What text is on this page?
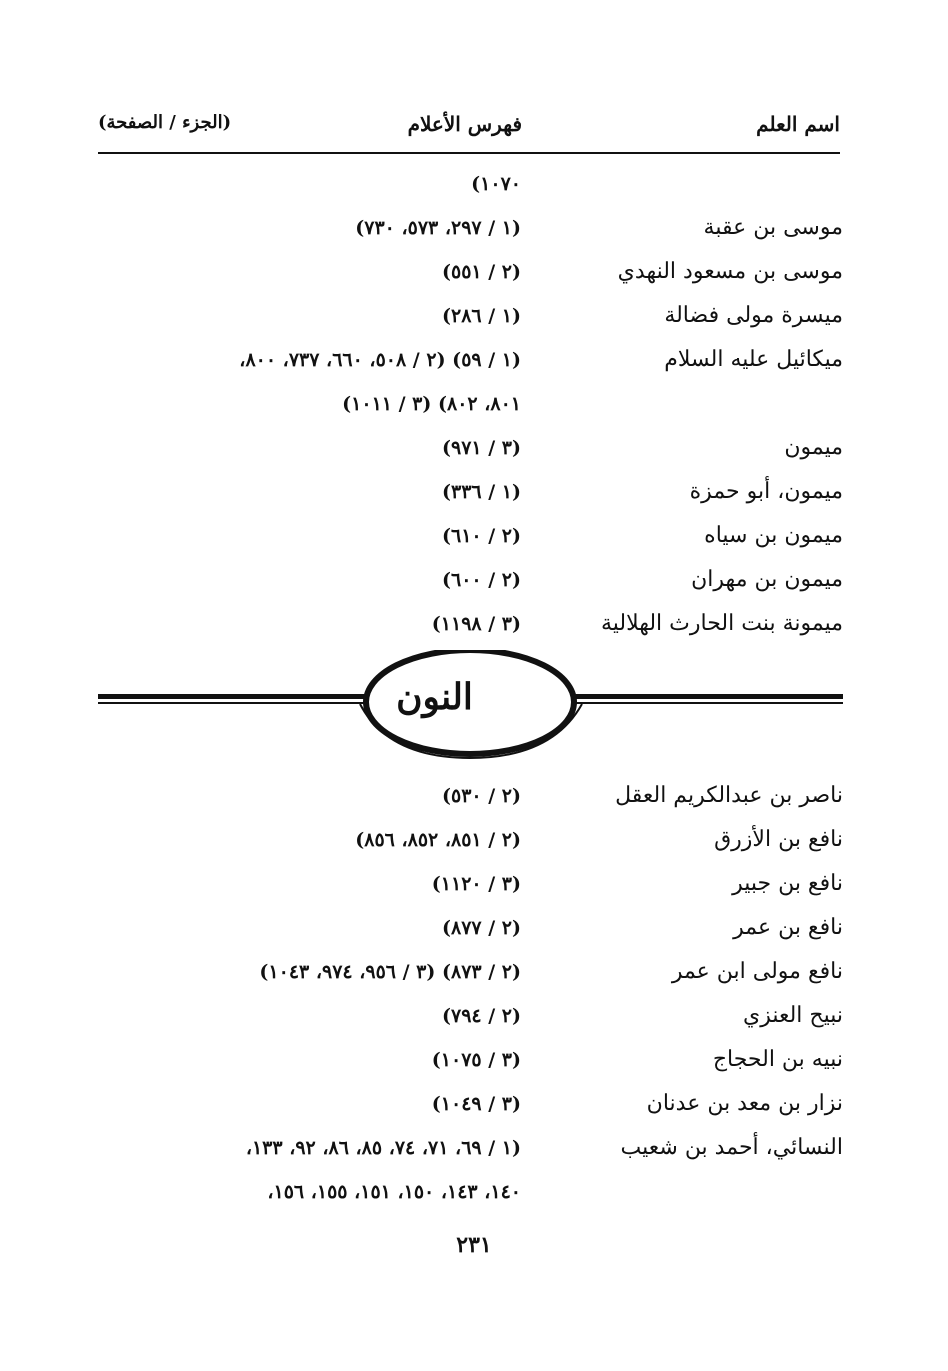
اسم العلم
فهرس الأعلام
(الجزء / الصفحة)
١٠٧٠)
موسى بن عقبة
(١ / ٢٩٧، ٥٧٣، ٧٣٠)
موسى بن مسعود النهدي
(٢ / ٥٥١)
ميسرة مولى فضالة
(١ / ٢٨٦)
ميكائيل عليه السلام
(١ / ٥٩) (٢ / ٥٠٨، ٦٦٠، ٧٣٧، ٨٠٠،
٨٠١، ٨٠٢) (٣ / ١٠١١)
ميمون
(٣ / ٩٧١)
ميمون، أبو حمزة
(١ / ٣٣٦)
ميمون بن سياه
(٢ / ٦١٠)
ميمون بن مهران
(٢ / ٦٠٠)
ميمونة بنت الحارث الهلالية
(٣ / ١١٩٨)
النون
ناصر بن عبدالكريم العقل
(٢ / ٥٣٠)
نافع بن الأزرق
(٢ / ٨٥١، ٨٥٢، ٨٥٦)
نافع بن جبير
(٣ / ١١٢٠)
نافع بن عمر
(٢ / ٨٧٧)
نافع مولى ابن عمر
(٢ / ٨٧٣) (٣ / ٩٥٦، ٩٧٤، ١٠٤٣)
نبيح العنزي
(٢ / ٧٩٤)
نبيه بن الحجاج
(٣ / ١٠٧٥)
نزار بن معد بن عدنان
(٣ / ١٠٤٩)
النسائي، أحمد بن شعيب
(١ / ٦٩، ٧١، ٧٤، ٨٥، ٨٦، ٩٢، ١٣٣،
١٤٠، ١٤٣، ١٥٠، ١٥١، ١٥٥، ١٥٦،
٢٣١
